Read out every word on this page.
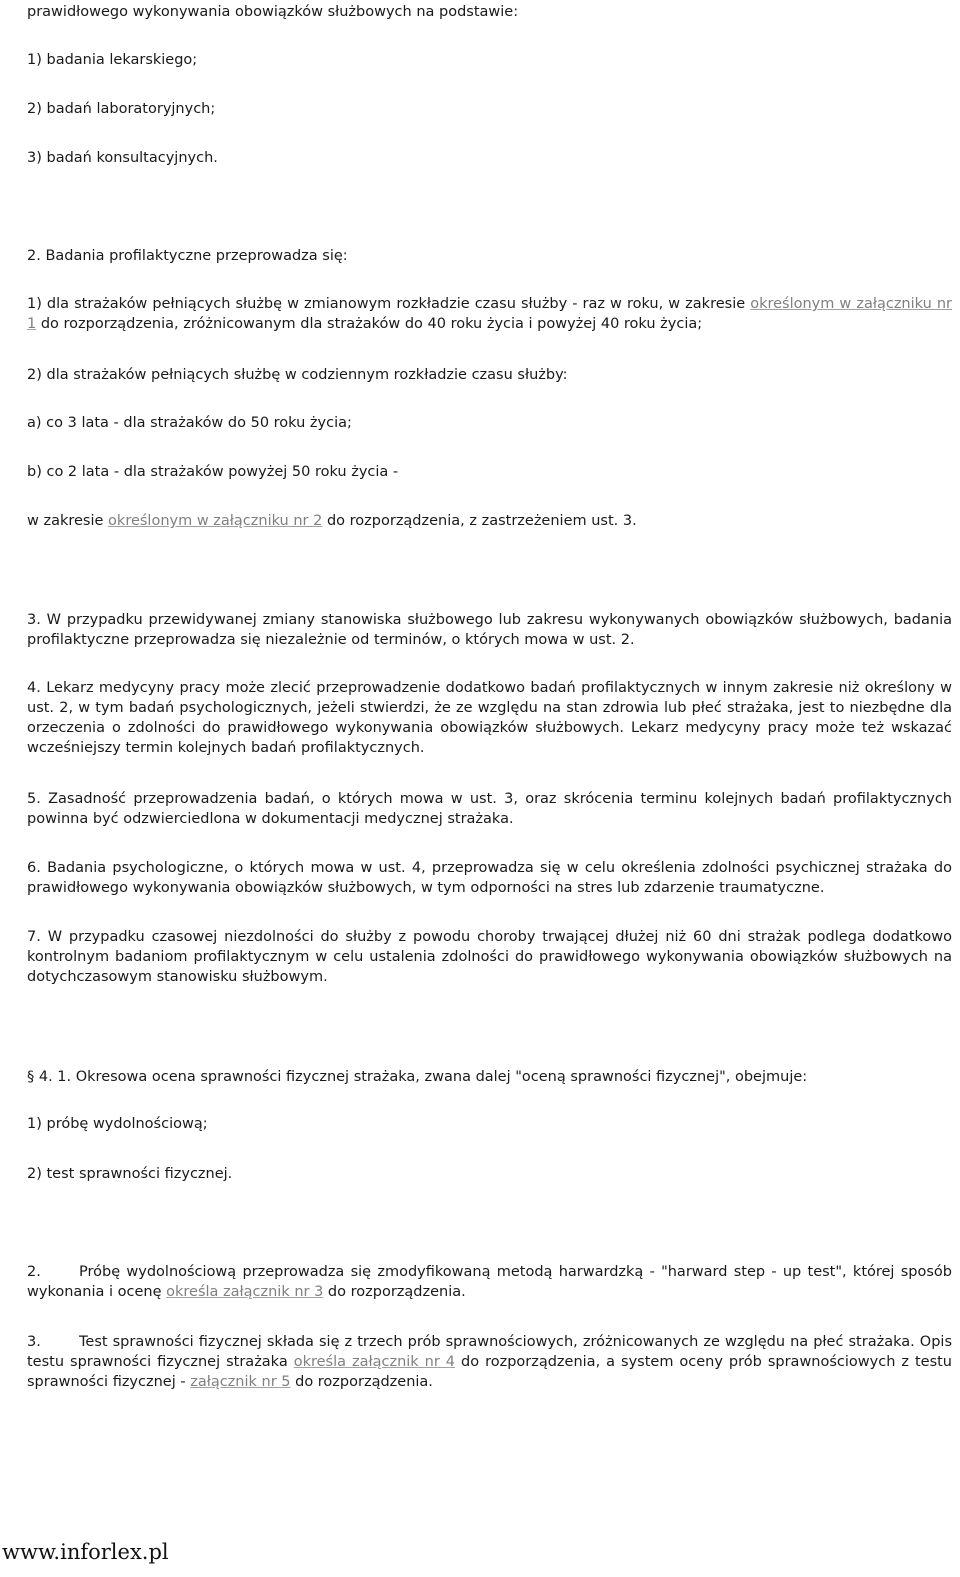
prawidłowego wykonywania obowiązków służbowych na podstawie:

1) badania lekarskiego;

2) badań laboratoryjnych;

3) badań konsultacyjnych.

2. Badania profilaktyczne przeprowadza się:

1) dla strażaków pełniących służbę w zmianowym rozkładzie czasu służby - raz w roku, w zakresie określonym w załączniku nr 1 do rozporządzenia, zróżnicowanym dla strażaków do 40 roku życia i powyżej 40 roku życia;

2) dla strażaków pełniących służbę w codziennym rozkładzie czasu służby:

a) co 3 lata - dla strażaków do 50 roku życia;

b) co 2 lata - dla strażaków powyżej 50 roku życia -

w zakresie określonym w załączniku nr 2 do rozporządzenia, z zastrzeżeniem ust. 3.

3. W przypadku przewidywanej zmiany stanowiska służbowego lub zakresu wykonywanych obowiązków służbowych, badania profilaktyczne przeprowadza się niezależnie od terminów, o których mowa w ust. 2.

4. Lekarz medycyny pracy może zlecić przeprowadzenie dodatkowo badań profilaktycznych w innym zakresie niż określony w ust. 2, w tym badań psychologicznych, jeżeli stwierdzi, że ze względu na stan zdrowia lub płeć strażaka, jest to niezbędne dla orzeczenia o zdolności do prawidłowego wykonywania obowiązków służbowych. Lekarz medycyny pracy może też wskazać wcześniejszy termin kolejnych badań profilaktycznych.

5. Zasadność przeprowadzenia badań, o których mowa w ust. 3, oraz skrócenia terminu kolejnych badań profilaktycznych powinna być odzwierciedlona w dokumentacji medycznej strażaka.

6. Badania psychologiczne, o których mowa w ust. 4, przeprowadza się w celu określenia zdolności psychicznej strażaka do prawidłowego wykonywania obowiązków służbowych, w tym odporności na stres lub zdarzenie traumatyczne.

7. W przypadku czasowej niezdolności do służby z powodu choroby trwającej dłużej niż 60 dni strażak podlega dodatkowo kontrolnym badaniom profilaktycznym w celu ustalenia zdolności do prawidłowego wykonywania obowiązków służbowych na dotychczasowym stanowisku służbowym.

§ 4. 1. Okresowa ocena sprawności fizycznej strażaka, zwana dalej "oceną sprawności fizycznej", obejmuje:

1) próbę wydolnościową;

2) test sprawności fizycznej.

2.	Próbę wydolnościową przeprowadza się zmodyfikowaną metodą harwardzką - "harward step - up test", której sposób wykonania i ocenę określa załącznik nr 3 do rozporządzenia.

3.	Test sprawności fizycznej składa się z trzech prób sprawnościowych, zróżnicowanych ze względu na płeć strażaka. Opis testu sprawności fizycznej strażaka określa załącznik nr 4 do rozporządzenia, a system oceny prób sprawnościowych z testu sprawności fizycznej - załącznik nr 5 do rozporządzenia.

www.inforlex.pl
